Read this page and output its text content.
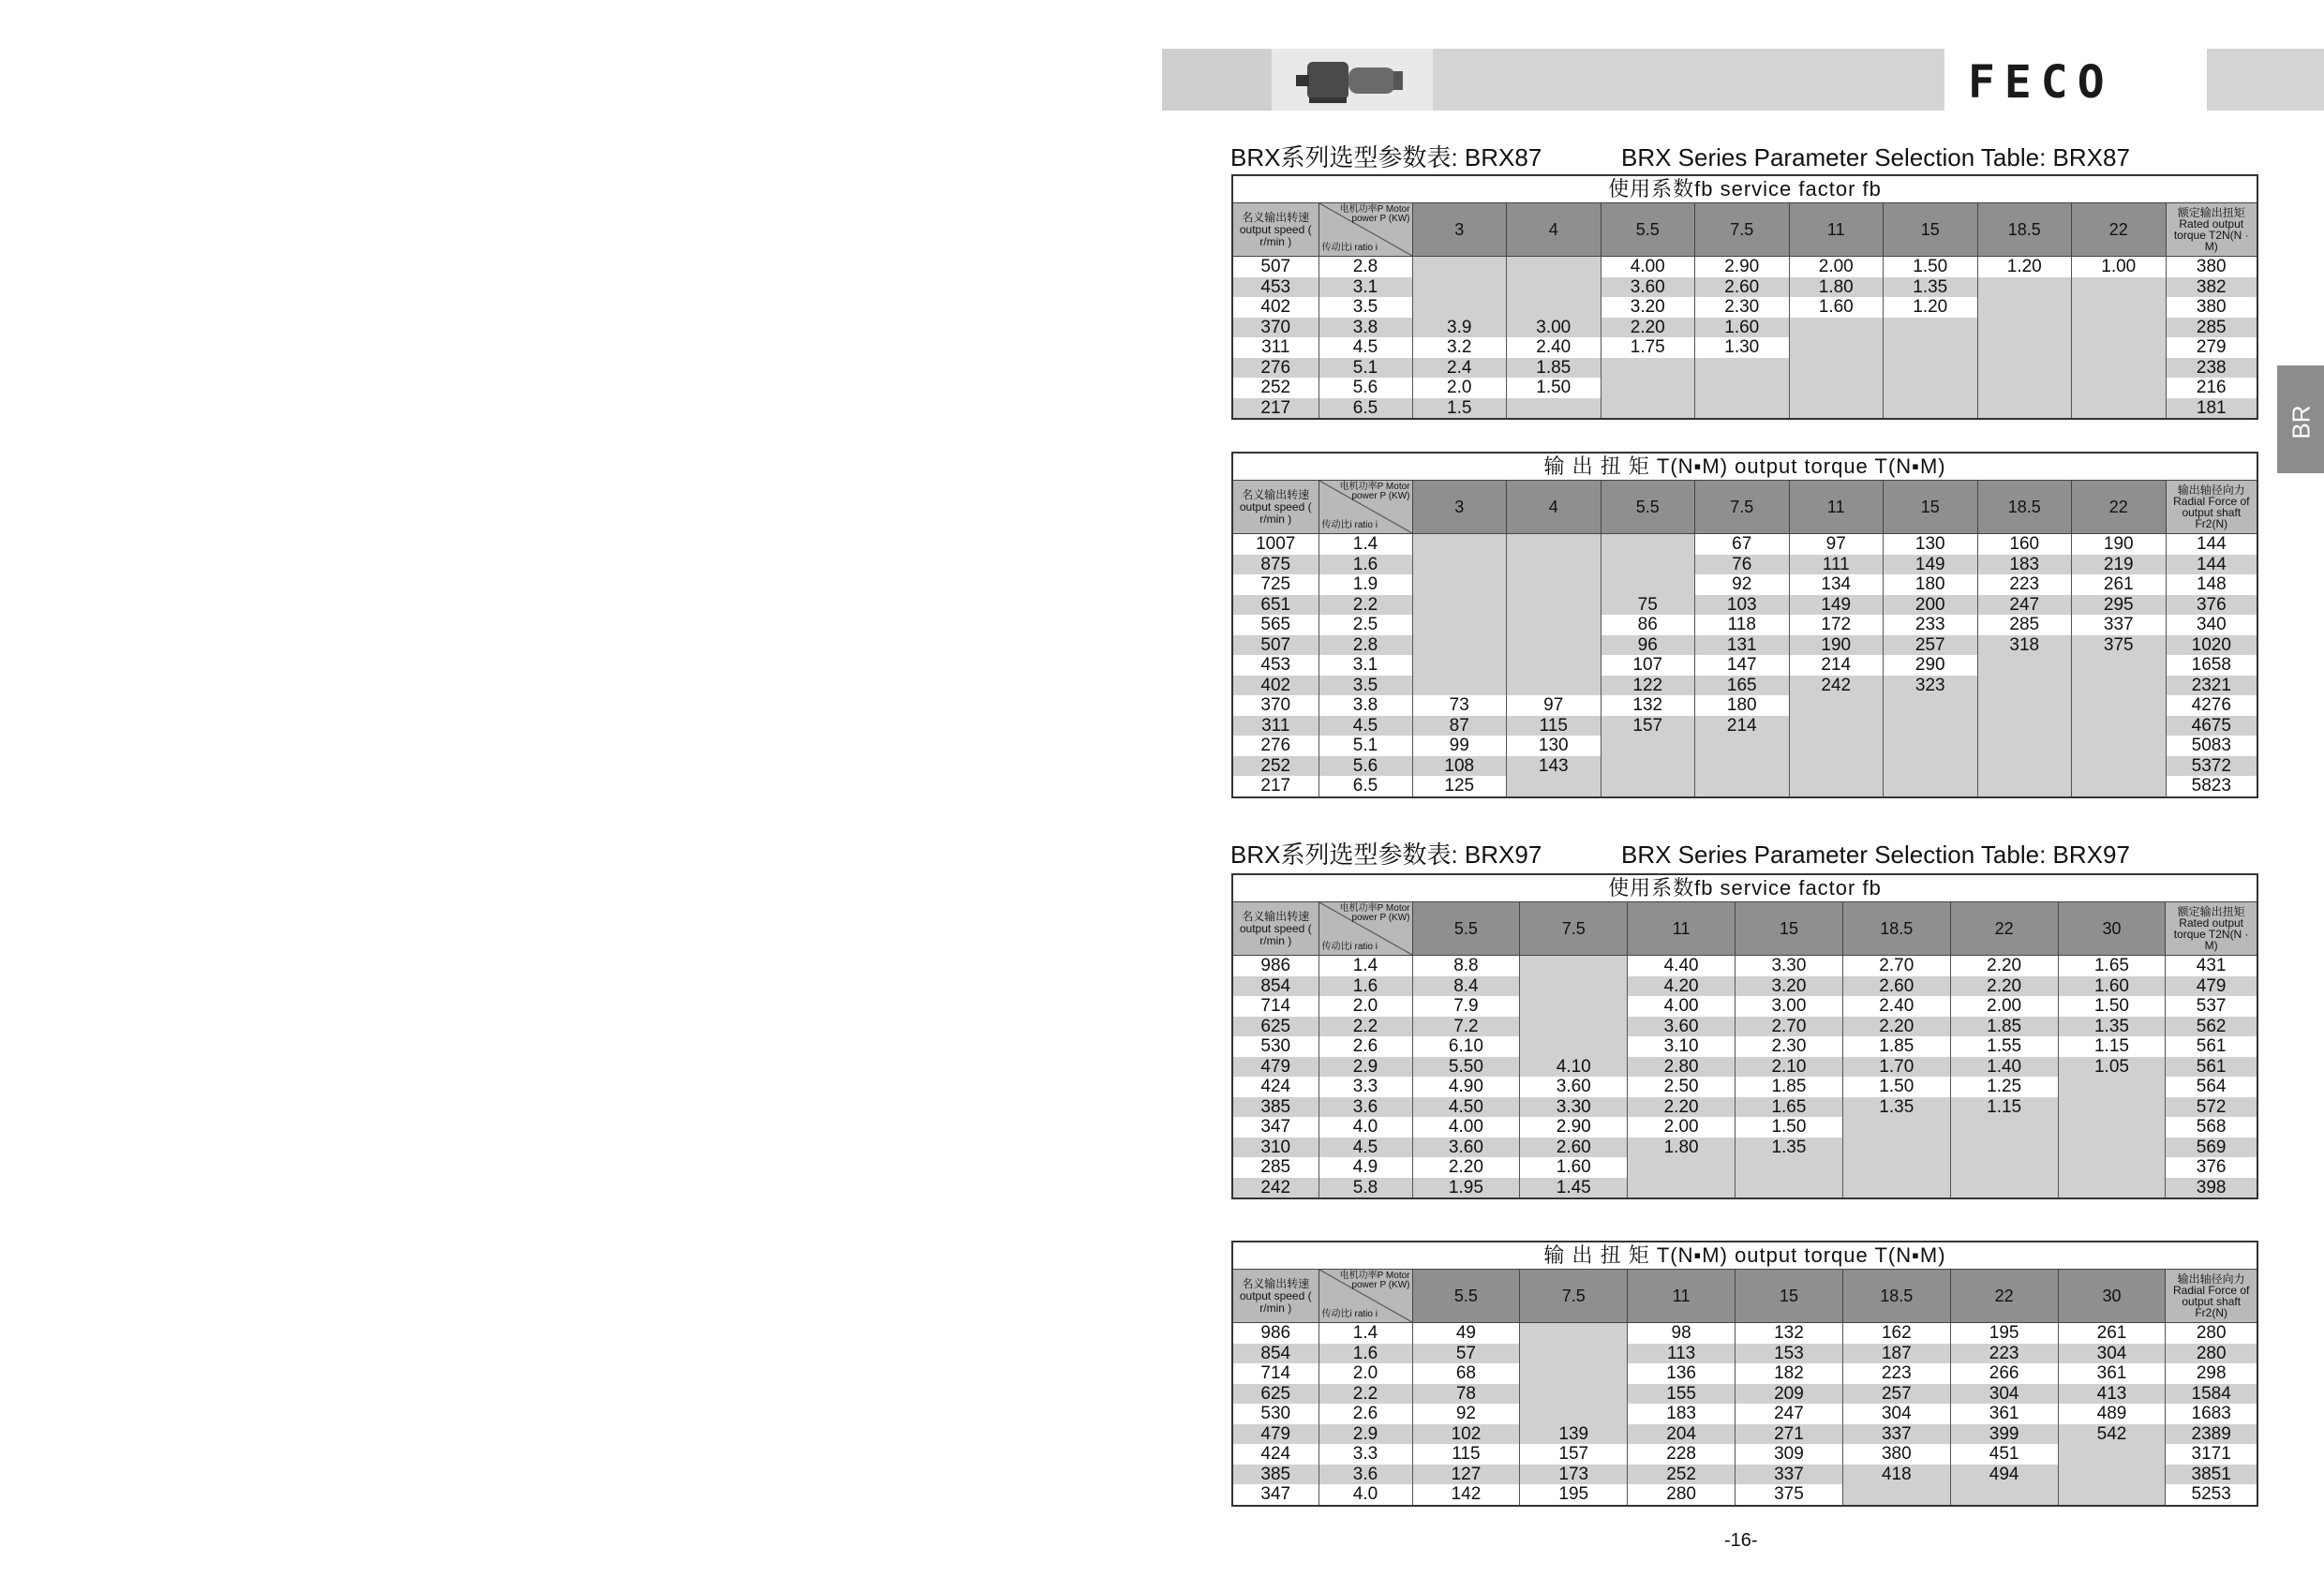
FECO
BR
BRX系列选型参数表: BRX87	BRX Series Parameter Selection Table: BRX87
BRX系列选型参数表: BRX97	BRX Series Parameter Selection Table: BRX97
使用系数fb service factor fb										
名义输出转速 output speed ( r/min )	电机功率P Motor power P (KW)
传动比i ratio i	3	4	5.5	7.5	11	15	18.5	22	额定输出扭矩 Rated output torque T2N(N · M)
507	2.8			4.00	2.90	2.00	1.50	1.20	1.00	380
453	3.1			3.60	2.60	1.80	1.35			382
402	3.5			3.20	2.30	1.60	1.20			380
370	3.8	3.9	3.00	2.20	1.60					285
311	4.5	3.2	2.40	1.75	1.30					279
276	5.1	2.4	1.85							238
252	5.6	2.0	1.50							216
217	6.5	1.5								181
输 出 扭 矩 T(N▪M) output torque T(N▪M)										
名义输出转速 output speed ( r/min )	电机功率P Motor power P (KW)
传动比i ratio i	3	4	5.5	7.5	11	15	18.5	22	输出轴径向力 Radial Force of output shaft Fr2(N)
1007	1.4				67	97	130	160	190	144
875	1.6				76	111	149	183	219	144
725	1.9				92	134	180	223	261	148
651	2.2			75	103	149	200	247	295	376
565	2.5			86	118	172	233	285	337	340
507	2.8			96	131	190	257	318	375	1020
453	3.1			107	147	214	290			1658
402	3.5			122	165	242	323			2321
370	3.8	73	97	132	180					4276
311	4.5	87	115	157	214					4675
276	5.1	99	130							5083
252	5.6	108	143							5372
217	6.5	125								5823
使用系数fb service factor fb									
名义输出转速 output speed ( r/min )	电机功率P Motor power P (KW)
传动比i ratio i	5.5	7.5	11	15	18.5	22	30	额定输出扭矩 Rated output torque T2N(N · M)
986	1.4	8.8		4.40	3.30	2.70	2.20	1.65	431
854	1.6	8.4		4.20	3.20	2.60	2.20	1.60	479
714	2.0	7.9		4.00	3.00	2.40	2.00	1.50	537
625	2.2	7.2		3.60	2.70	2.20	1.85	1.35	562
530	2.6	6.10		3.10	2.30	1.85	1.55	1.15	561
479	2.9	5.50	4.10	2.80	2.10	1.70	1.40	1.05	561
424	3.3	4.90	3.60	2.50	1.85	1.50	1.25		564
385	3.6	4.50	3.30	2.20	1.65	1.35	1.15		572
347	4.0	4.00	2.90	2.00	1.50				568
310	4.5	3.60	2.60	1.80	1.35				569
285	4.9	2.20	1.60						376
242	5.8	1.95	1.45						398
输 出 扭 矩 T(N▪M) output torque T(N▪M)									
名义输出转速 output speed ( r/min )	电机功率P Motor power P (KW)
传动比i ratio i	5.5	7.5	11	15	18.5	22	30	输出轴径向力 Radial Force of output shaft Fr2(N)
986	1.4	49		98	132	162	195	261	280
854	1.6	57		113	153	187	223	304	280
714	2.0	68		136	182	223	266	361	298
625	2.2	78		155	209	257	304	413	1584
530	2.6	92		183	247	304	361	489	1683
479	2.9	102	139	204	271	337	399	542	2389
424	3.3	115	157	228	309	380	451		3171
385	3.6	127	173	252	337	418	494		3851
347	4.0	142	195	280	375				5253
-16-
